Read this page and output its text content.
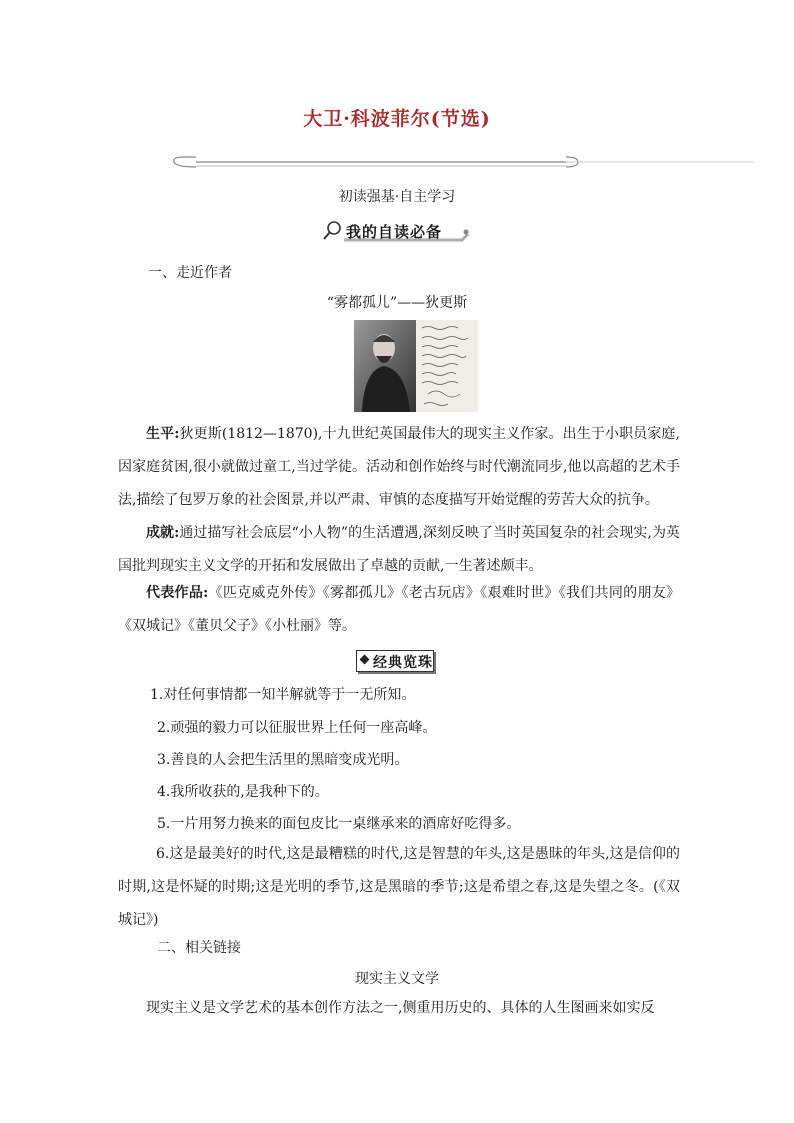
大卫·科波菲尔(节选)
初读强基·自主学习
我的自读必备
一、走近作者
“雾都孤儿”——狄更斯
生平:狄更斯(1812—1870),十九世纪英国最伟大的现实主义作家。出生于小职员家庭,因家庭贫困,很小就做过童工,当过学徒。活动和创作始终与时代潮流同步,他以高超的艺术手法,描绘了包罗万象的社会图景,并以严肃、审慎的态度描写开始觉醒的劳苦大众的抗争。
成就:通过描写社会底层“小人物”的生活遭遇,深刻反映了当时英国复杂的社会现实,为英国批判现实主义文学的开拓和发展做出了卓越的贡献,一生著述颇丰。
代表作品:《匹克威克外传》《雾都孤儿》《老古玩店》《艰难时世》《我们共同的朋友》《双城记》《董贝父子》《小杜丽》等。
经典览珠
1.对任何事情都一知半解就等于一无所知。
2.顽强的毅力可以征服世界上任何一座高峰。
3.善良的人会把生活里的黑暗变成光明。
4.我所收获的,是我种下的。
5.一片用努力换来的面包皮比一桌继承来的酒席好吃得多。
6.这是最美好的时代,这是最糟糕的时代,这是智慧的年头,这是愚昧的年头,这是信仰的时期,这是怀疑的时期;这是光明的季节,这是黑暗的季节;这是希望之春,这是失望之冬。(《双城记》)
二、相关链接
现实主义文学
现实主义是文学艺术的基本创作方法之一,侧重用历史的、具体的人生图画来如实反
